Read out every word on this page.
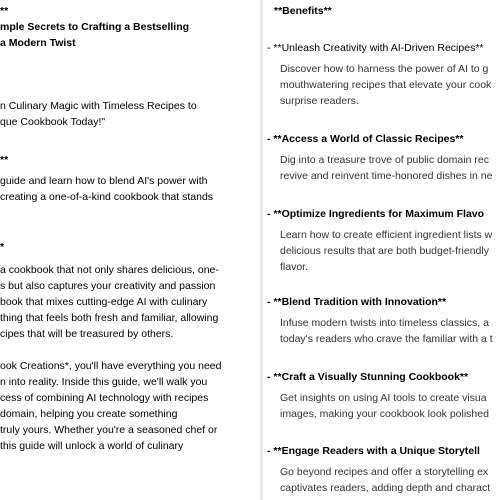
**
mple Secrets to Crafting a Bestselling
a Modern Twist
n Culinary Magic with Timeless Recipes to
que Cookbook Today!"
**
guide and learn how to blend AI's power with
creating a one-of-a-kind cookbook that stands
*
a cookbook that not only shares delicious, one-
s but also captures your creativity and passion
book that mixes cutting-edge AI with culinary
thing that feels both fresh and familiar, allowing
cipes that will be treasured by others.
ook Creations*, you'll have everything you need
n into reality. Inside this guide, we'll walk you
cess of combining AI technology with recipes
domain, helping you create something
truly yours. Whether you're a seasoned chef or
this guide will unlock a world of culinary
**Benefits**
- **Unleash Creativity with AI-Driven Recipes**
Discover how to harness the power of AI to g
mouthwatering recipes that elevate your cook
surprise readers.
- **Access a World of Classic Recipes**
Dig into a treasure trove of public domain rec
revive and reinvent time-honored dishes in ne
- **Optimize Ingredients for Maximum Flavo
Learn how to create efficient ingredient lists w
delicious results that are both budget-friendly
flavor.
- **Blend Tradition with Innovation**
Infuse modern twists into timeless classics, a
today's readers who crave the familiar with a t
- **Craft a Visually Stunning Cookbook**
Get insights on using AI tools to create visua
images, making your cookbook look polished
- **Engage Readers with a Unique Storytell
Go beyond recipes and offer a storytelling ex
captivates readers, adding depth and charact
